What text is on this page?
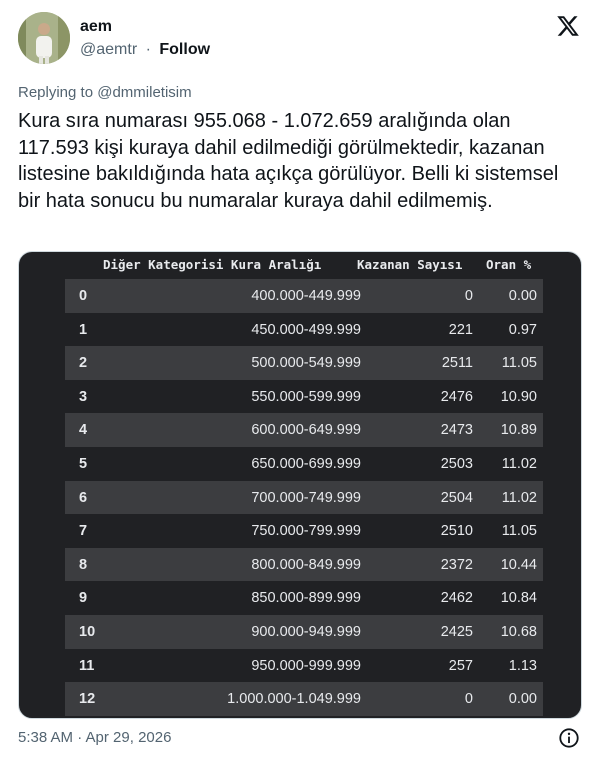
aem
@aemtr · Follow
Replying to @dmmiletisim
Kura sıra numarası 955.068 - 1.072.659 aralığında olan 117.593 kişi kuraya dahil edilmediği görülmektedir, kazanan listesine bakıldığında hata açıkça görülüyor. Belli ki sistemsel bir hata sonucu bu numaralar kuraya dahil edilmemiş.
Diğer Kategorisi Kura Aralığı	Kazanan Sayısı Oran %
0	400.000-449.999	0 0.00
1	450.000-499.999	221 0.97
2	500.000-549.999	2511 11.05
3	550.000-599.999	2476 10.90
4	600.000-649.999	2473 10.89
5	650.000-699.999	2503 11.02
6	700.000-749.999	2504 11.02
7	750.000-799.999	2510 11.05
8	800.000-849.999	2372 10.44
9	850.000-899.999	2462 10.84
10	900.000-949.999	2425 10.68
11	950.000-999.999	257 1.13
12	1.000.000-1.049.999	0 0.00
5:38 AM · Apr 29, 2026
